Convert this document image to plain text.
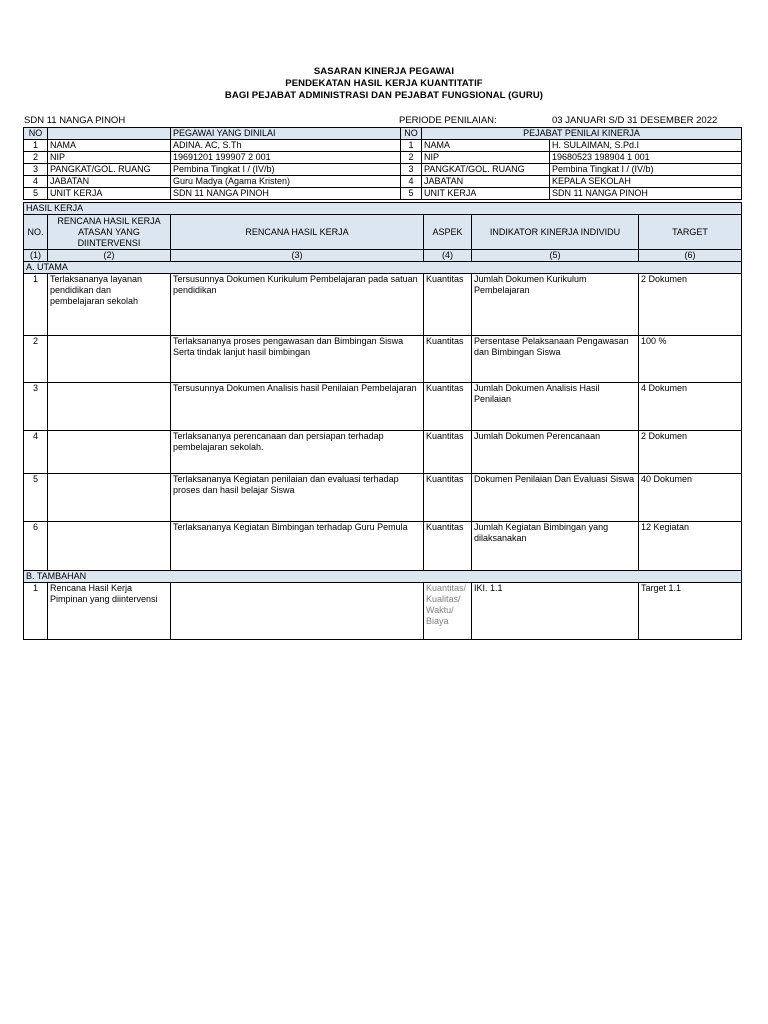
SASARAN KINERJA PEGAWAI
PENDEKATAN HASIL KERJA KUANTITATIF
BAGI PEJABAT ADMINISTRASI DAN PEJABAT FUNGSIONAL (GURU)
SDN 11 NANGA PINOH	PERIODE PENILAIAN:	03 JANUARI S/D 31 DESEMBER 2022
NO		PEGAWAI YANG DINILAI	NO	PEJABAT PENILAI KINERJA	
1	NAMA	ADINA. AC, S.Th	1	NAMA	H. SULAIMAN, S.Pd.I
2	NIP	19691201 199907 2 001	2	NIP	19680523 198904 1 001
3	PANGKAT/GOL. RUANG	Pembina Tingkat I / (IV/b)	3	PANGKAT/GOL. RUANG	Pembina Tingkat I / (IV/b)
4	JABATAN	Guru Madya (Agama Kristen)	4	JABATAN	KEPALA SEKOLAH
5	UNIT KERJA	SDN 11 NANGA PINOH	5	UNIT KERJA	SDN 11 NANGA PINOH
HASIL KERJA					
NO.	RENCANA HASIL KERJA ATASAN YANG DIINTERVENSI	RENCANA HASIL KERJA	ASPEK	INDIKATOR KINERJA INDIVIDU	TARGET
(1)	(2)	(3)	(4)	(5)	(6)
A. UTAMA					
1	Terlaksananya layanan pendidikan dan pembelajaran sekolah	Tersusunnya Dokumen Kurikulum Pembelajaran pada satuan pendidikan	Kuantitas	Jumlah Dokumen Kurikulum Pembelajaran	2 Dokumen
2		Terlaksananya proses pengawasan dan Bimbingan Siswa Serta tindak lanjut hasil bimbingan	Kuantitas	Persentase Pelaksanaan Pengawasan dan Bimbingan Siswa	100 %
3		Tersusunnya Dokumen Analisis hasil Penilaian Pembelajaran	Kuantitas	Jumlah Dokumen Analisis Hasil Penilaian	4 Dokumen
4		Terlaksananya perencanaan dan persiapan terhadap pembelajaran sekolah.	Kuantitas	Jumlah Dokumen Perencanaan	2 Dokumen
5		Terlaksananya Kegiatan penilaian dan evaluasi terhadap proses dan hasil belajar Siswa	Kuantitas	Dokumen Penilaian Dan Evaluasi Siswa	40 Dokumen
6		Terlaksananya Kegiatan Bimbingan terhadap Guru Pemula	Kuantitas	Jumlah Kegiatan Bimbingan yang dilaksanakan	12 Kegiatan
B. TAMBAHAN					
1	Rencana Hasil Kerja Pimpinan yang diintervensi		Kuantitas/ Kualitas/ Waktu/ Biaya	IKI. 1.1	Target 1.1
